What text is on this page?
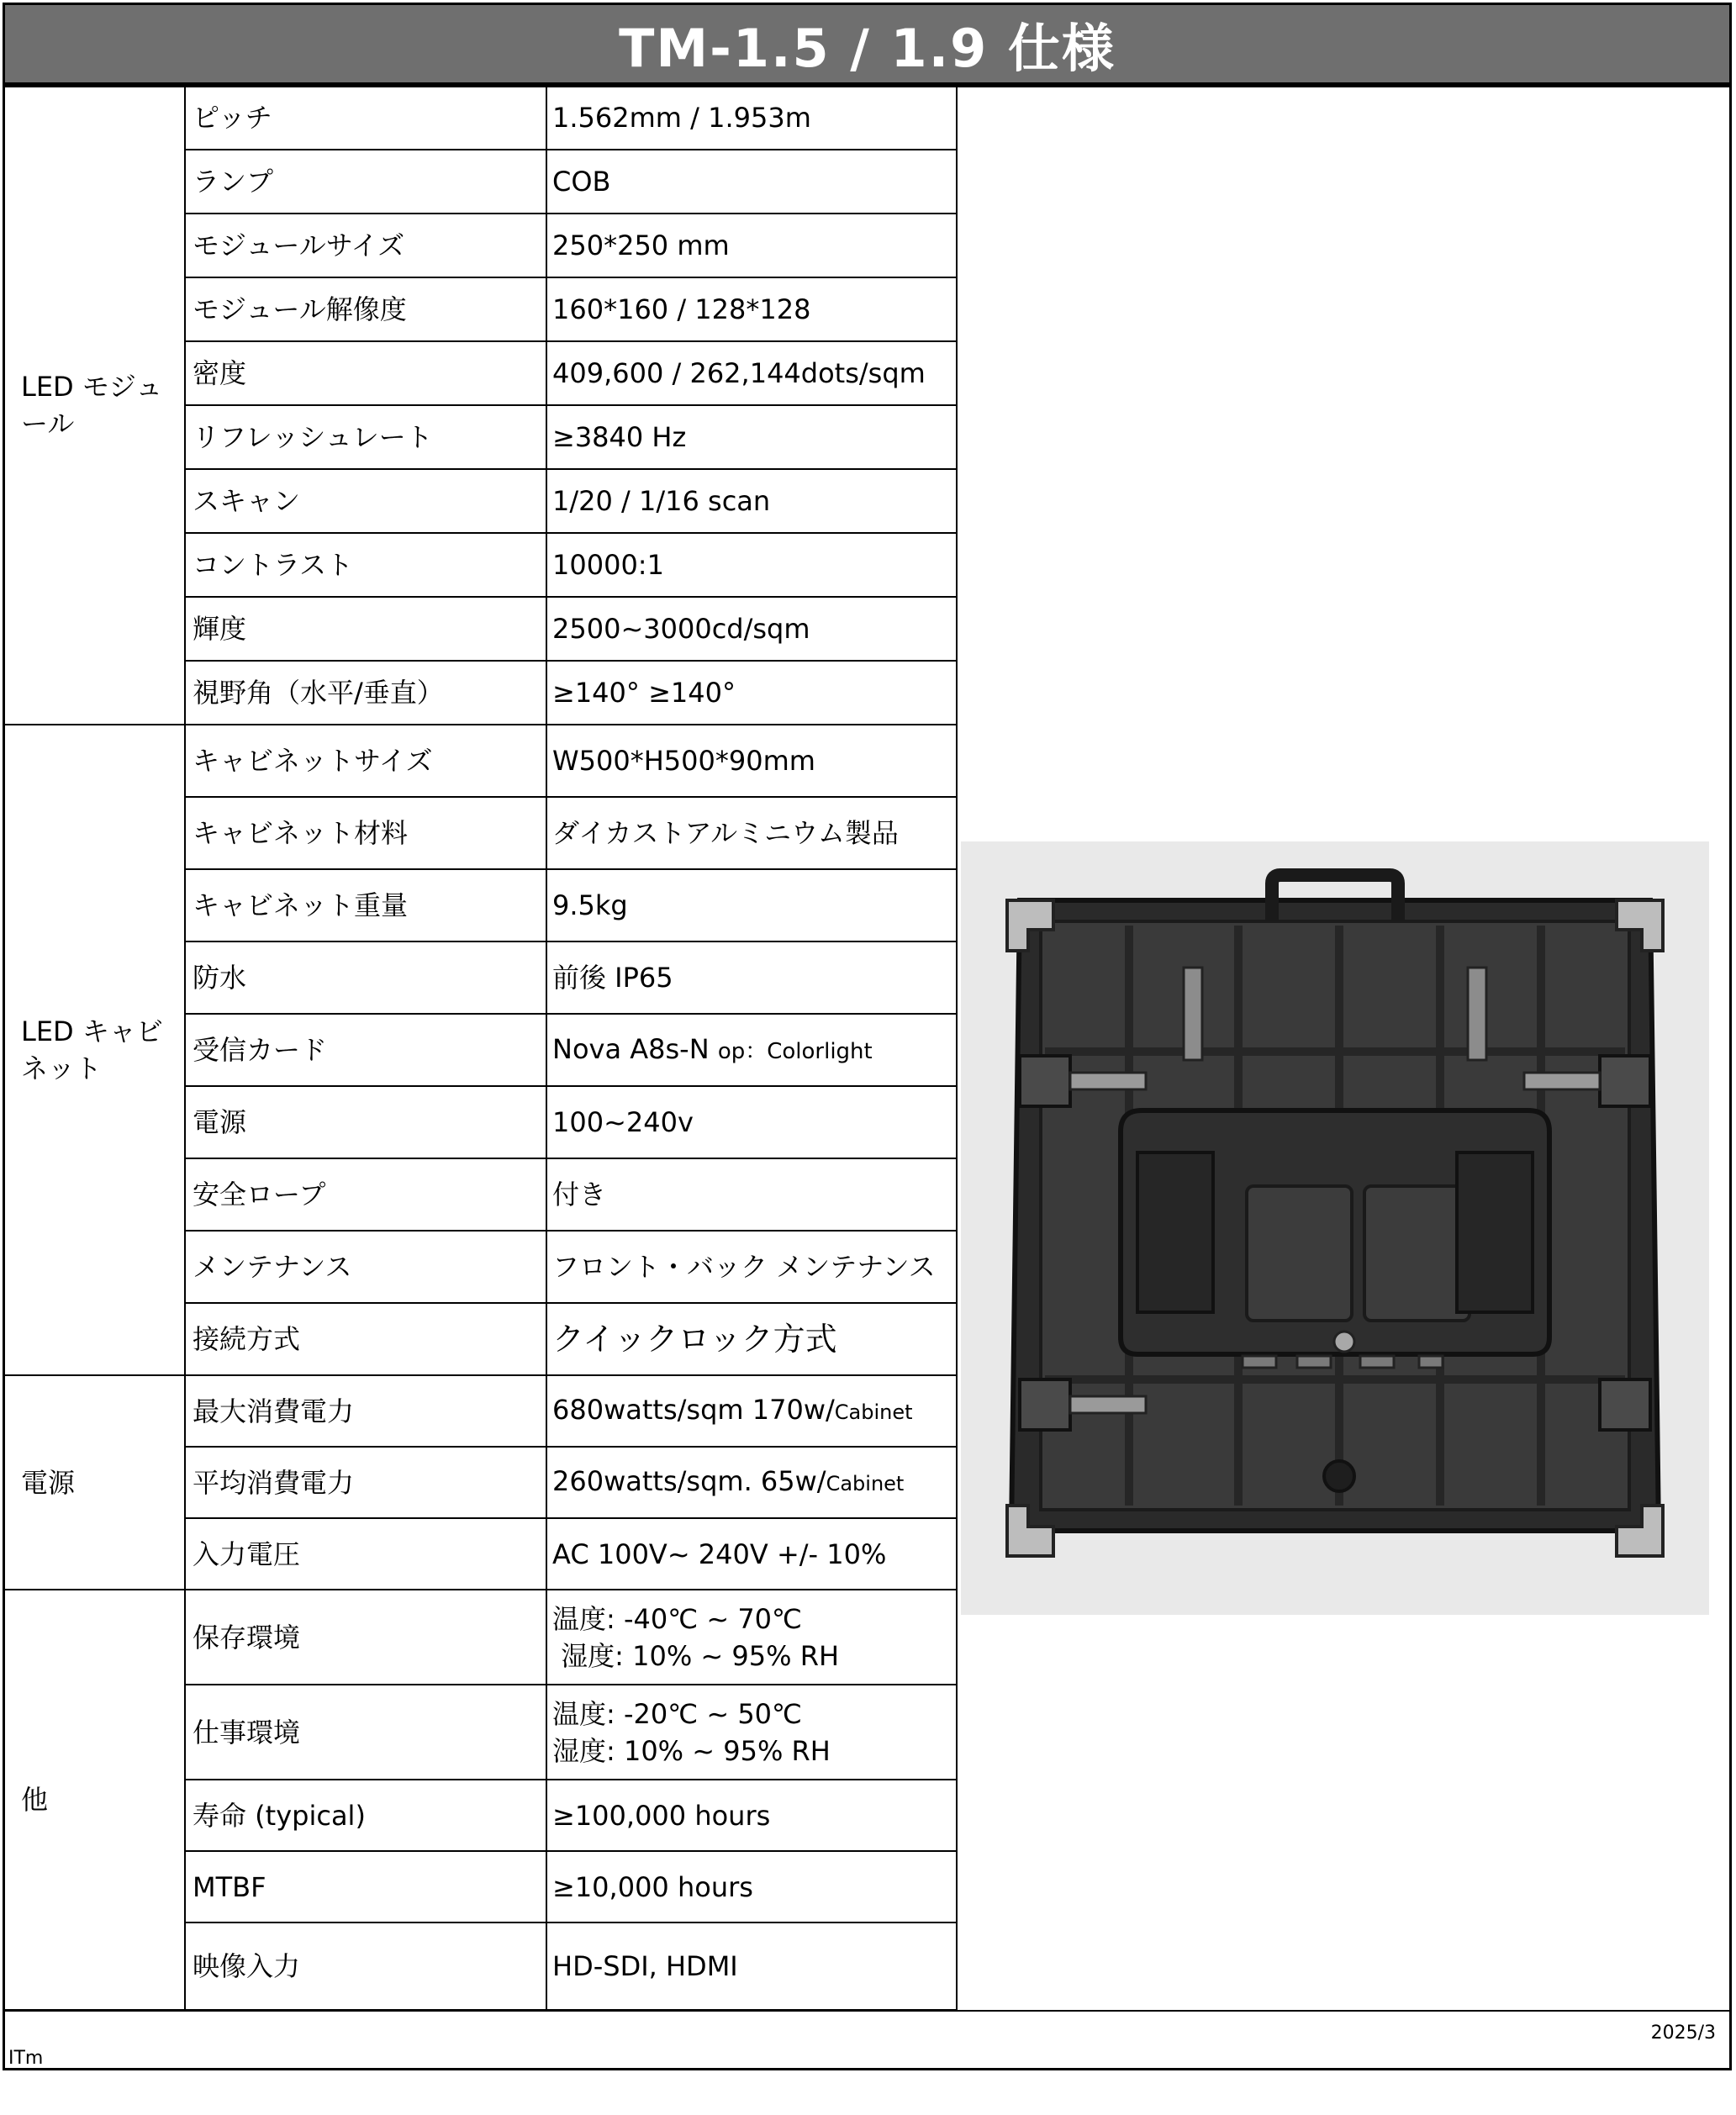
TM-1.5 / 1.9 仕様
LED モジュール	ピッチ	1.562mm / 1.953m
	ランプ	COB
	モジュールサイズ	250*250 mm
	モジュール解像度	160*160 / 128*128
	密度	409,600 / 262,144dots/sqm
	リフレッシュレート	≥3840 Hz
	スキャン	1/20 / 1/16 scan
	コントラスト	10000:1
	輝度	2500~3000cd/sqm
	視野角（水平/垂直）	≥140° ≥140°
LED キャビネット	キャビネットサイズ	W500*H500*90mm
	キャビネット材料	ダイカストアルミニウム製品
	キャビネット重量	9.5kg
	防水	前後 IP65
	受信カード	Nova A8s-N op：Colorlight
	電源	100~240v
	安全ロープ	付き
	メンテナンス	フロント・バック メンテナンス
	接続方式	クイックロック方式
電源	最大消費電力	680watts/sqm 170w/Cabinet
	平均消費電力	260watts/sqm. 65w/Cabinet
	入力電圧	AC 100V~ 240V +/- 10%
他	保存環境	温度: -40℃ ~ 70℃
湿度: 10% ~ 95% RH

	仕事環境	温度: -20℃ ~ 50℃
湿度: 10% ~ 95% RH

	寿命 (typical)	≥100,000 hours
	MTBF	≥10,000 hours
	映像入力	HD-SDI, HDMI
2025/3
ITm
